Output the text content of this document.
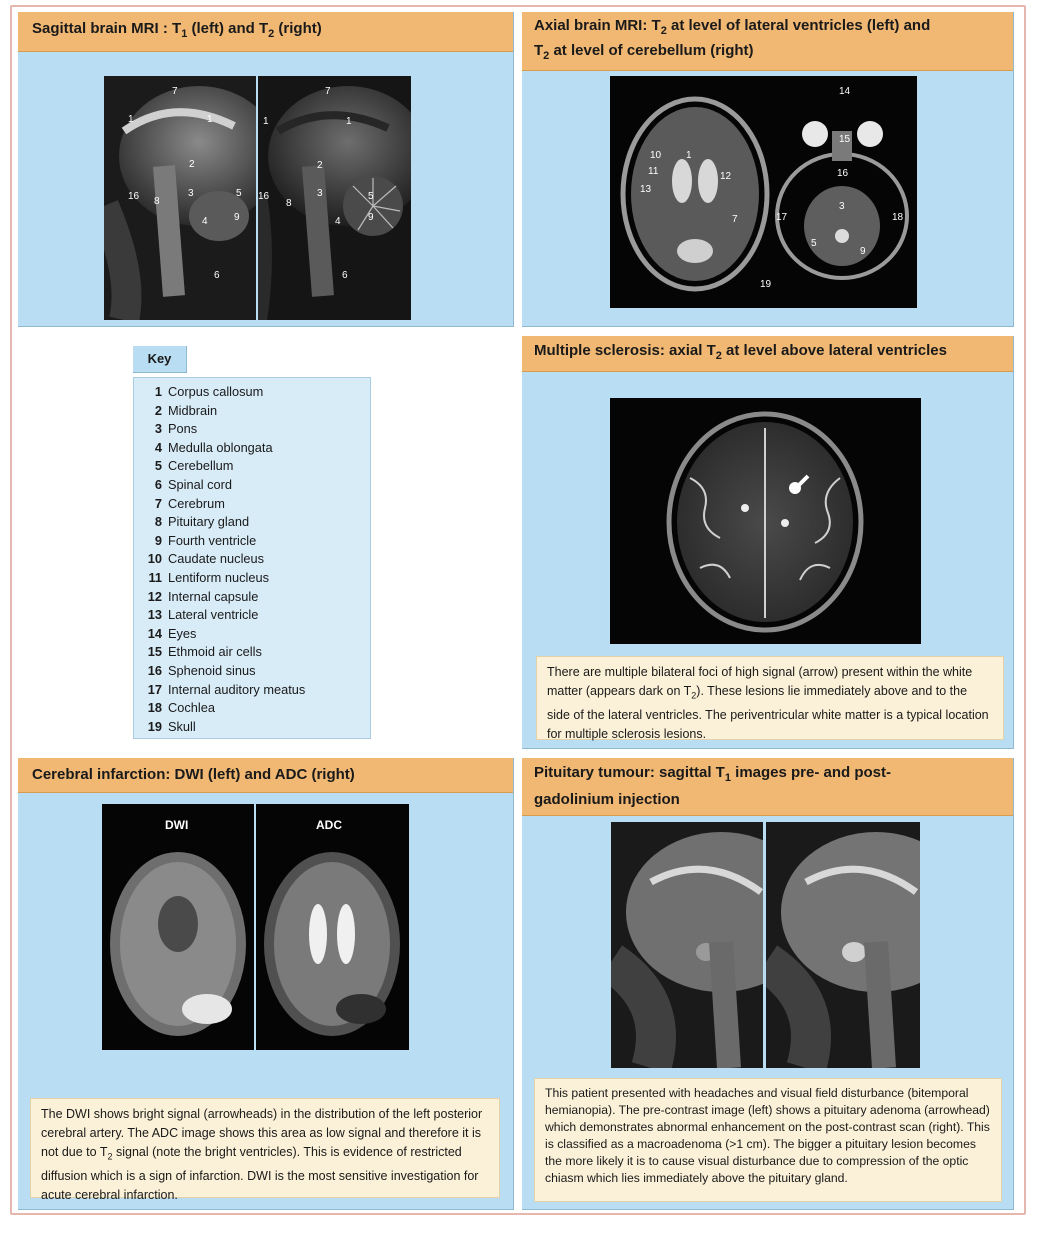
Sagittal brain MRI : $T_1$ (left) and $T_2$ (right)
7
1	1
2
16 8
3	5
4	9
6
7
1	1
2
16
8
3	5
4	9
6
Key
1 Corpus callosum
2 Midbrain
3 Pons
4 Medulla oblongata
5 Cerebellum
6 Spinal cord
7 Cerebrum
8 Pituitary gland
9 Fourth ventricle
10 Caudate nucleus
11 Lentiform nucleus
12 Internal capsule
13 Lateral ventricle
14 Eyes
15 Ethmoid air cells
16 Sphenoid sinus
17 Internal auditory meatus
18 Cochlea
19 Skull
Axial brain MRI: $T_2$ at level of lateral ventricles (left) and
$T_2$ at level of cerebellum (right)
10 1
11
13
12
7
14
15
16
3
17	18
5
9
19
Multiple sclerosis: axial $T_2$ at level above lateral ventricles
There are multiple bilateral foci of high signal (arrow) present within the white matter (appears dark on $T_2$). These lesions lie immediately above and to the side of the lateral ventricles. The periventricular white matter is a typical location for multiple sclerosis lesions.
Cerebral infarction: DWI (left) and ADC (right)
DWI	ADC
The DWI shows bright signal (arrowheads) in the distribution of the left posterior cerebral artery. The ADC image shows this area as low signal and therefore it is not due to $T_2$ signal (note the bright ventricles). This is evidence of restricted diffusion which is a sign of infarction. DWI is the most sensitive investigation for acute cerebral infarction.
Pituitary tumour: sagittal $T_1$ images pre- and post-
gadolinium injection
This patient presented with headaches and visual field disturbance (bitemporal hemianopia). The pre-contrast image (left) shows a pituitary adenoma (arrowhead) which demonstrates abnormal enhancement on the post-contrast scan (right). This is classified as a macroadenoma (>1 cm). The bigger a pituitary lesion becomes the more likely it is to cause visual disturbance due to compression of the optic chiasm which lies immediately above the pituitary gland.
